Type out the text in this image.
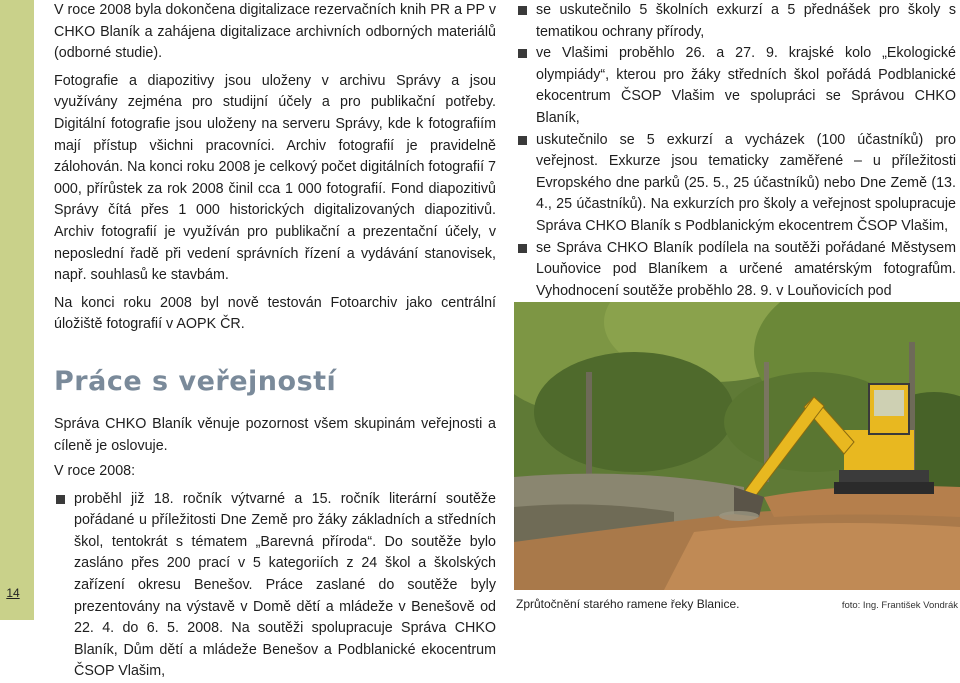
14

V roce 2008 byla dokončena digitalizace rezervačních knih PR a PP v CHKO Blaník a zahájena digitalizace archivních odborných materiálů (odborné studie).

Fotografie a diapozitivy jsou uloženy v archivu Správy a jsou využívány zejména pro studijní účely a pro publikační potřeby. Digitální fotografie jsou uloženy na serveru Správy, kde k fotografiím mají přístup všichni pracovníci. Archiv fotografií je pravidelně zálohován. Na konci roku 2008 je celkový počet digitálních fotografií 7 000, přírůstek za rok 2008 činil cca 1 000 fotografií. Fond diapozitivů Správy čítá přes 1 000 historických digitalizovaných diapozitivů. Archiv fotografií je využíván pro publikační a prezentační účely, v neposlední řadě při vedení správních řízení a vydávání stanovisek, např. souhlasů ke stavbám.

Na konci roku 2008 byl nově testován Fotoarchiv jako centrální úložiště fotografií v AOPK ČR.

Práce s veřejností

Správa CHKO Blaník věnuje pozornost všem skupinám veřejnosti a cíleně je oslovuje.

V roce 2008:

proběhl již 18. ročník výtvarné a 15. ročník literární soutěže pořádané u příležitosti Dne Země pro žáky základních a středních škol, tentokrát s tématem „Barevná příroda“. Do soutěže bylo zasláno přes 200 prací v 5 kategoriích z 24 škol a školských zařízení okresu Benešov. Práce zaslané do soutěže byly prezentovány na výstavě v Domě dětí a mládeže v Benešově od 22. 4. do 6. 5. 2008. Na soutěži spolupracuje Správa CHKO Blaník, Dům dětí a mládeže Benešov a Podblanické ekocentrum ČSOP Vlašim,
se uskutečnilo 5 školních exkurzí a 5 přednášek pro školy s tematikou ochrany přírody,
ve Vlašimi proběhlo 26. a 27. 9. krajské kolo „Ekologické olympiády“, kterou pro žáky středních škol pořádá Podblanické ekocentrum ČSOP Vlašim ve spolupráci se Správou CHKO Blaník,
uskutečnilo se 5 exkurzí a vycházek (100 účastníků) pro veřejnost. Exkurze jsou tematicky zaměřené – u příležitosti Evropského dne parků (25. 5., 25 účastníků) nebo Dne Země (13. 4., 25 účastníků). Na exkurzích pro školy a veřejnost spolupracuje Správa CHKO Blaník s Podblanickým ekocentrem ČSOP Vlašim,
se Správa CHKO Blaník podílela na soutěži pořádané Městysem Louňovice pod Blaníkem a určené amatérským fotografům. Vyhodnocení soutěže proběhlo 28. 9. v Louňovicích pod
Zprůtočnění starého ramene řeky Blanice.	foto: Ing. František Vondrák
